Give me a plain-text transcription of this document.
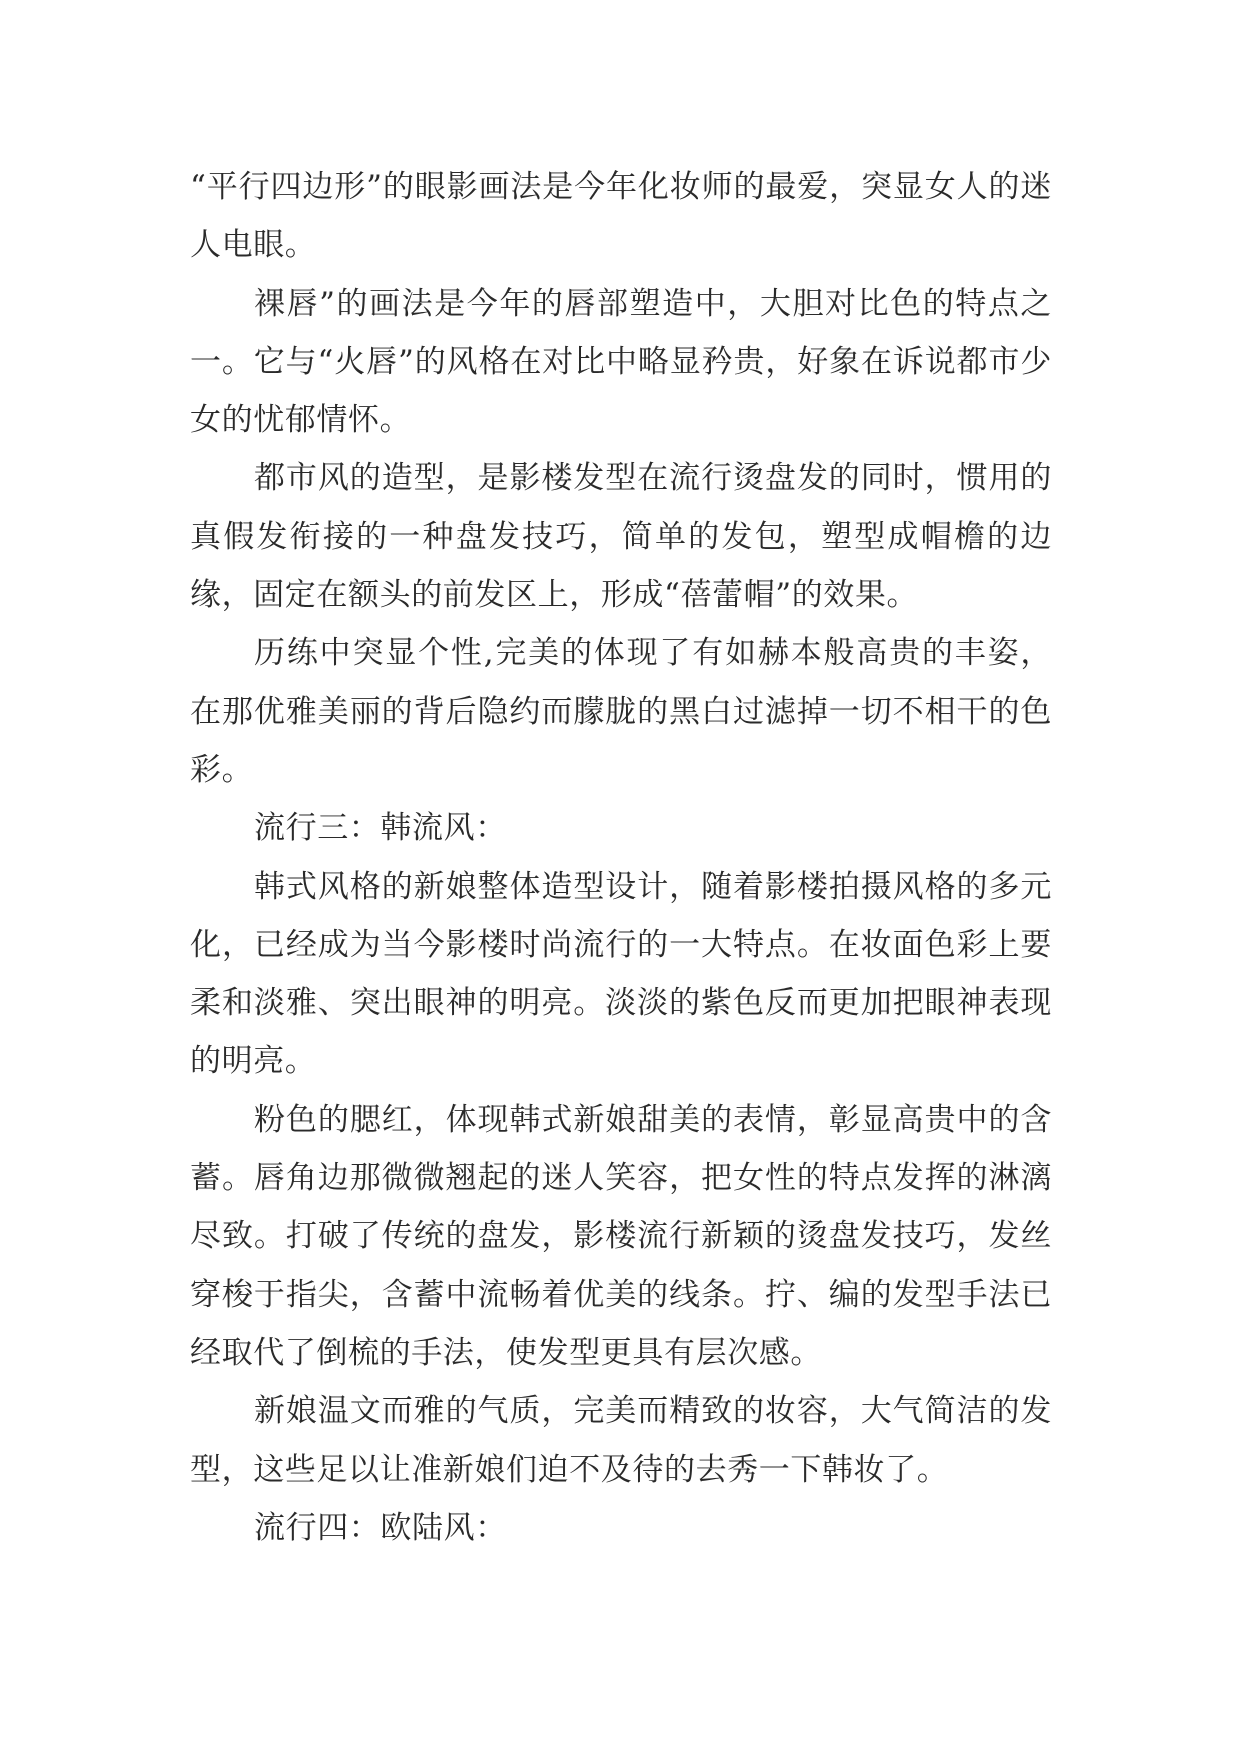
“平行四边形”的眼影画法是今年化妆师的最爱，突显女人的迷人电眼。

裸唇”的画法是今年的唇部塑造中，大胆对比色的特点之一。它与“火唇”的风格在对比中略显矜贵，好象在诉说都市少女的忧郁情怀。

都市风的造型，是影楼发型在流行烫盘发的同时，惯用的真假发衔接的一种盘发技巧，简单的发包，塑型成帽檐的边缘，固定在额头的前发区上，形成“蓓蕾帽”的效果。

历练中突显个性,完美的体现了有如赫本般高贵的丰姿，在那优雅美丽的背后隐约而朦胧的黑白过滤掉一切不相干的色彩。

流行三：韩流风：

韩式风格的新娘整体造型设计，随着影楼拍摄风格的多元化，已经成为当今影楼时尚流行的一大特点。在妆面色彩上要柔和淡雅、突出眼神的明亮。淡淡的紫色反而更加把眼神表现的明亮。

粉色的腮红，体现韩式新娘甜美的表情，彰显高贵中的含蓄。唇角边那微微翘起的迷人笑容，把女性的特点发挥的淋漓尽致。打破了传统的盘发，影楼流行新颖的烫盘发技巧，发丝穿梭于指尖，含蓄中流畅着优美的线条。拧、编的发型手法已经取代了倒梳的手法，使发型更具有层次感。

新娘温文而雅的气质，完美而精致的妆容，大气简洁的发型，这些足以让准新娘们迫不及待的去秀一下韩妆了。

流行四：欧陆风：
